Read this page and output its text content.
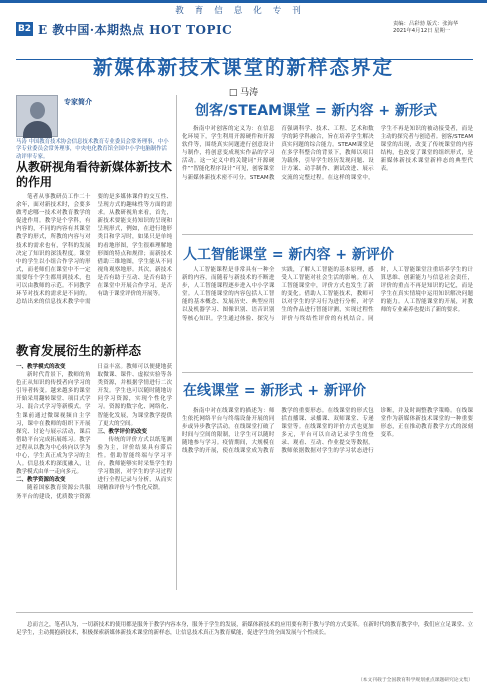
教育信息化专刊
B2 E 教中国·本期热点 HOT TOPIC	责编：吕彩勃 版式：张海华
2021年4月12日 星期一
新媒体新技术课堂的新样态界定
□ 马涛
专家简介
马涛 中国教育技术协会信息技术教育专业委员会常务理事，中小学专业委员会常务理事，中央电化教育馆全国中小学电脑制作活动评审专家。
从教研视角看待新媒体新技术的作用
笔者从事教研员工作二十余年，面对新技术时，会要多做考虑哪一技术对教育教学的促进作用。教学是个学科，有内容的，不同的内容有其课堂教学的形式，所教的内容与对技术的需求也有，学科的发展决定了知识的深浅程度。课堂中的学生以小组合作学习的形式，而老师们在课堂中不一定需要每个学生都用到技术，也可以由教师的示范。不同教学环节对技术的需求是不同的。总结出来的信息技术教学中需要的是多媒体课件的交互性、呈现方式的趣味性等方面的需求。从教研视角来看，首先，新技术要能支持知识的呈现和呈现形式，例如，在进行地形类目和学习时，如果只是单纯的看地形图，学生很难理解地形图的特点和规律；而新技术借助三维地图，学生能从不同视角观察地形。其次，新技术是否有助于互动、是否有助于在课堂中开展合作学习，是否有助于课堂评价的开展等。
教育发展衍生的新样态
一、教学模式的改变
新时代背景下，教师的角色正从知识的传授者向学习的引导者转变。越来越多的课堂开始采用翻转课堂、项目式学习、混合式学习等新模式。学生课前通过微课视频自主学习，课中在教师的组织下开展探究、讨论与展示活动，课后借助平台完成拓展练习。教学过程从以教为中心转向以学为中心，学生真正成为学习的主人。信息技术的深度融入，让教学模式由单一走向多元。
二、教学资源的改变
随着国家教育资源公共服务平台的建设，优质数字资源日益丰富。教师可以便捷地获取微课、课件、虚拟实验等各类资源，并根据学情进行二次开发。学生也可以随时随地访问学习资源，实现个性化学习。资源的数字化、网络化、智能化发展，为课堂教学提供了更大的空间。
三、教学评价的改变
传统的评价方式以纸笔测验为主，评价结果具有滞后性。借助智能终端与学习平台，教师能够实时采集学生的学习数据，对学生的学习过程进行全程记录与分析，从而实现精准评价与个性化反馈。
创客/STEAM课堂 = 新内容 + 新形式
指南中对创客的定义为：在信息化环境下，学生利用开源硬件和开源软件等，围绕真实问题进行创意设计与制作，将创意变成现实作品的学习活动。这一定义中的关键词“开源硬件”“智能化程序设计”可见，创客课堂与新媒体新技术密不可分。STEAM教育强调科学、技术、工程、艺术和数学的跨学科融合，旨在培养学生解决真实问题的综合能力。STEAM课堂是在多学科整合的背景下，教师以项目为载体，引导学生经历发现问题、设计方案、动手制作、测试改进、展示交流的完整过程。在这样的课堂中，学生不再是知识的被动接受者，而是主动的探究者与创造者。创客/STEAM课堂的出现，改变了传统课堂的内容结构，也改变了课堂的组织形式，是新媒体新技术课堂新样态的典型代表。
人工智能课堂 = 新内容 + 新评价
人工智能课程是非常具有一种全新的内容，而随着与新技术的不断进步，人工智能课程逐步进入中小学课堂。人工智能课堂的内容包括人工智能的基本概念、发展历史、典型应用以及机器学习、图像识别、语音识别等核心知识。学生通过体验、探究与实践，了解人工智能的基本原理，感受人工智能对社会生活的影响。在人工智能课堂中，评价方式也发生了新的变化。借助人工智能技术，教师可以对学生的学习行为进行分析，对学生的作品进行智能评测，实现过程性评价与终结性评价的有机结合。同时，人工智能课堂注重培养学生的计算思维、创新能力与信息社会责任，评价的重点不再是知识的记忆，而是学生在真实情境中运用知识解决问题的能力。人工智能课堂的开展，对教师的专业素养也提出了新的要求。
在线课堂 = 新形式 + 新评价
指南中对在线课堂的描述为：师生依托网络平台与终端设备开展的同步或异步教学活动。在线课堂打破了时间与空间的限制，让学生可以随时随地参与学习。疫情期间，大规模在线教学的开展，使在线课堂成为教育教学的重要形态。在线课堂的形式包括直播课、录播课、双师课堂、专递课堂等。在线课堂的评价方式也更加多元，平台可以自动记录学生的登录、观看、互动、作业提交等数据，教师依据数据对学生的学习状态进行诊断，并及时调整教学策略。在线课堂作为新媒体新技术课堂的一种重要形态，正在推动教育教学方式的深刻变革。
总而言之，笔者认为，一切新技术的使用都是服务于教学内容本身，服务于学生的发展，新媒体新技术的应用要有利于教与学的方式变革。在新时代的教育教学中，我们应立足课堂、立足学生，主动拥抱新技术，积极探索新媒体新技术课堂的新样态，让信息技术真正为教育赋能，促进学生的全面发展与个性成长。
（本文刊载于全国教育科学规划重点课题研究论文集）
